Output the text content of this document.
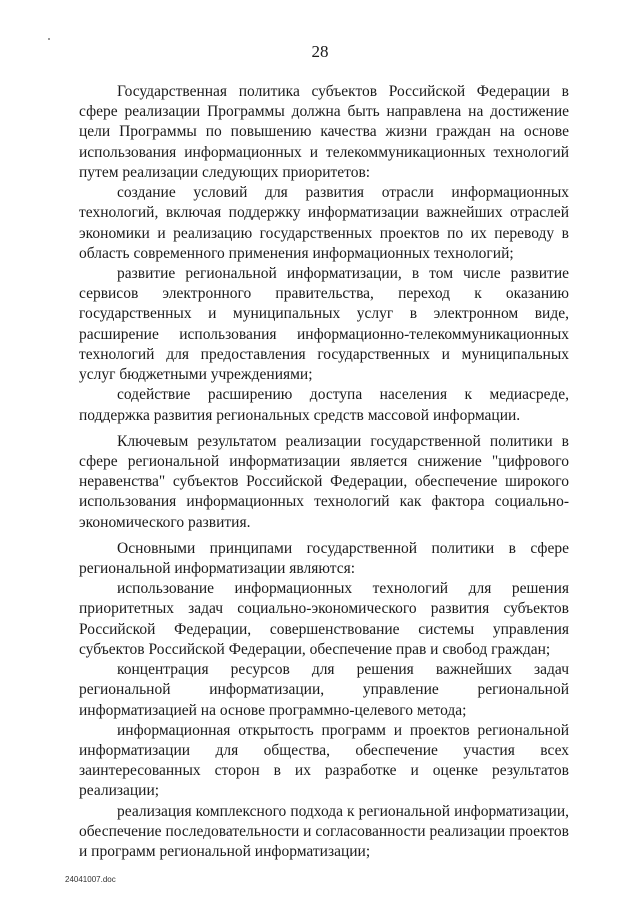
28

Государственная политика субъектов Российской Федерации в сфере реализации Программы должна быть направлена на достижение цели Программы по повышению качества жизни граждан на основе использования информационных и телекоммуникационных технологий путем реализации следующих приоритетов:

создание условий для развития отрасли информационных технологий, включая поддержку информатизации важнейших отраслей экономики и реализацию государственных проектов по их переводу в область современного применения информационных технологий;

развитие региональной информатизации, в том числе развитие сервисов электронного правительства, переход к оказанию государственных и муниципальных услуг в электронном виде, расширение использования информационно-телекоммуникационных технологий для предоставления государственных и муниципальных услуг бюджетными учреждениями;

содействие расширению доступа населения к медиасреде, поддержка развития региональных средств массовой информации.

Ключевым результатом реализации государственной политики в сфере региональной информатизации является снижение "цифрового неравенства" субъектов Российской Федерации, обеспечение широкого использования информационных технологий как фактора социально-экономического развития.

Основными принципами государственной политики в сфере региональной информатизации являются:

использование информационных технологий для решения приоритетных задач социально-экономического развития субъектов Российской Федерации, совершенствование системы управления субъектов Российской Федерации, обеспечение прав и свобод граждан;

концентрация ресурсов для решения важнейших задач региональной информатизации, управление региональной информатизацией на основе программно-целевого метода;

информационная открытость программ и проектов региональной информатизации для общества, обеспечение участия всех заинтересованных сторон в их разработке и оценке результатов реализации;

реализация комплексного подхода к региональной информатизации, обеспечение последовательности и согласованности реализации проектов и программ региональной информатизации;

24041007.doc
